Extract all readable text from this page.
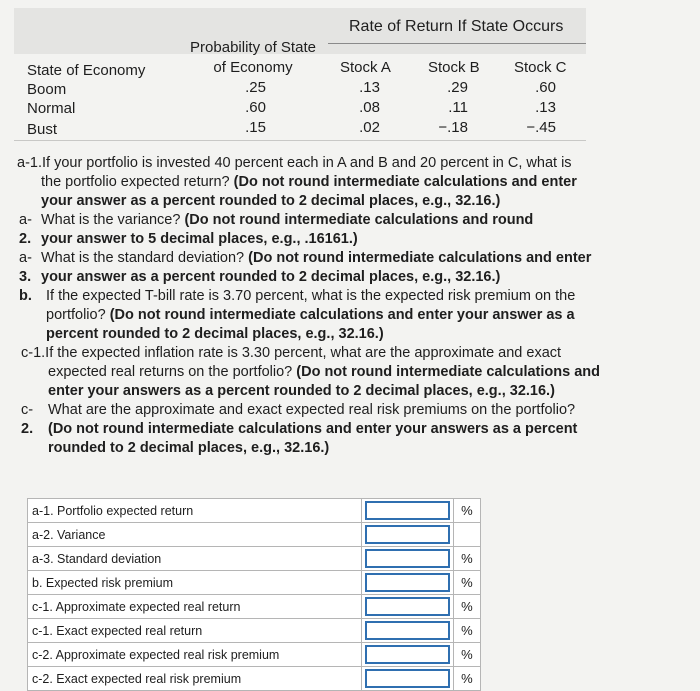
Rate of Return If State Occurs
Probability of State
of Economy
State of Economy	Stock A Stock B Stock C
Boom	.25	.13	.29	.60
Normal	.60	.08	.11	.13
Bust	.15	.02	−.18	−.45
a-1.If your portfolio is invested 40 percent each in A and B and 20 percent in C, what is
the portfolio expected return? (Do not round intermediate calculations and enter
your answer as a percent rounded to 2 decimal places, e.g., 32.16.)
a- What is the variance? (Do not round intermediate calculations and round
2. your answer to 5 decimal places, e.g., .16161.)
a- What is the standard deviation? (Do not round intermediate calculations and enter
3. your answer as a percent rounded to 2 decimal places, e.g., 32.16.)
b. If the expected T-bill rate is 3.70 percent, what is the expected risk premium on the
portfolio? (Do not round intermediate calculations and enter your answer as a
percent rounded to 2 decimal places, e.g., 32.16.)
c-1.If the expected inflation rate is 3.30 percent, what are the approximate and exact
expected real returns on the portfolio? (Do not round intermediate calculations and
enter your answers as a percent rounded to 2 decimal places, e.g., 32.16.)
c- What are the approximate and exact expected real risk premiums on the portfolio?
2. (Do not round intermediate calculations and enter your answers as a percent
rounded to 2 decimal places, e.g., 32.16.)
a-1. Portfolio expected return		%
a-2. Variance	

a-3. Standard deviation		%
b. Expected risk premium		%
c-1. Approximate expected real return		%
c-1. Exact expected real return		%
c-2. Approximate expected real risk premium		%
c-2. Exact expected real risk premium		%
